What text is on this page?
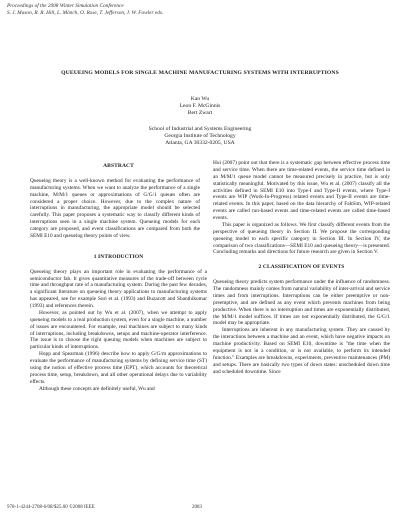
Proceedings of the 2008 Winter Simulation Conference
S. J. Mason, R. R. Hill, L. Mönch, O. Rose, T. Jefferson, J. W. Fowler eds.
QUEUEING MODELS FOR SINGLE MACHINE MANUFACTURING SYSTEMS WITH INTERRUPTIONS
Kan Wu
Leon F. McGinnis
Bert Zwart
School of Industrial and Systems Engineering
Georgia Institute of Technology
Atlanta, GA 30332-0205, USA
ABSTRACT
Queueing theory is a well-known method for evaluating the performance of manufacturing systems. When we want to analyze the performance of a single machine, M/M/1 queues or approximations of G/G/1 queues often are considered a proper choice. However, due to the complex nature of interruptions in manufacturing, the appropriate model should be selected carefully. This paper proposes a systematic way to classify different kinds of interruptions seen in a single machine system. Queueing models for each category are proposed, and event classifications are compared from both the SEMI E10 and queueing theory points of view.
1 INTRODUCTION
Queueing theory plays an important role in evaluating the performance of a semiconductor fab. It gives quantitative measures of the trade-off between cycle time and throughput rate of a manufacturing system. During the past few decades, a significant literature on queueing theory applications to manufacturing systems has appeared, see for example Suri et al. (1993) and Buzacott and Shanthikumar (1993) and references therein.
However, as pointed out by Wu et al. (2007), when we attempt to apply queueing models to a real production system, even for a single machine, a number of issues are encountered. For example, real machines are subject to many kinds of interruptions, including breakdowns, setups and machine-operator interference. The issue is to choose the right queuing models when machines are subject to particular kinds of interruptions.
Hopp and Spearman (1996) describe how to apply G/G/m approximations to evaluate the performance of manufacturing systems by defining service time (ST) using the notion of effective process time (EPT), which accounts for theoretical process time, setup, breakdown, and all other operational delays due to variability effects.
Although these concepts are definitely useful, Wu and
Hui (2007) point out that there is a systematic gap between effective process time and service time. When there are time-related events, the service time defined in an M/M/1 queue model cannot be measured precisely in practice, but is only statistically meaningful. Motivated by this issue, Wu et al. (2007) classify all the activities defined in SEMI E10 into Type-I and Type-II events, where Type-I events are WIP (Work-In-Progress) related events and Type-II events are time-related events. In this paper, based on the data hierarchy of FabSim, WIP-related events are called run-based events and time-related events are called time-based events.
This paper is organized as follows. We first classify different events from the perspective of queueing theory in Section II. We propose the corresponding queueing model to each specific category in Section III. In Section IV, the comparison of two classifications—SEMI E10 and queueing theory—is presented. Concluding remarks and directions for future research are given in Section V.
2 CLASSIFICATION OF EVENTS
Queueing theory predicts system performance under the influence of randomness. The randomness mainly comes from natural variability of inter-arrival and service times and from interruptions. Interruptions can be either preemptive or non-preemptive, and are defined as any event which prevents machines from being productive. When there is no interruption and times are exponentially distributed, the M/M/1 model suffices. If times are not exponentially distributed, the G/G/1 model may be appropriate.
Interruptions are inherent in any manufacturing system. They are caused by the interactions between a machine and an event, which have negative impacts on machine productivity. Based on SEMI E10, downtime is "the time when the equipment is not in a condition, or is not available, to perform its intended function." Examples are breakdowns, experiments, preventive maintenances (PM) and setups. There are basically two types of down states: unscheduled down time and scheduled downtime. Since
978-1-4244-2708-6/08/$25.00 ©2008 IEEE	2083
